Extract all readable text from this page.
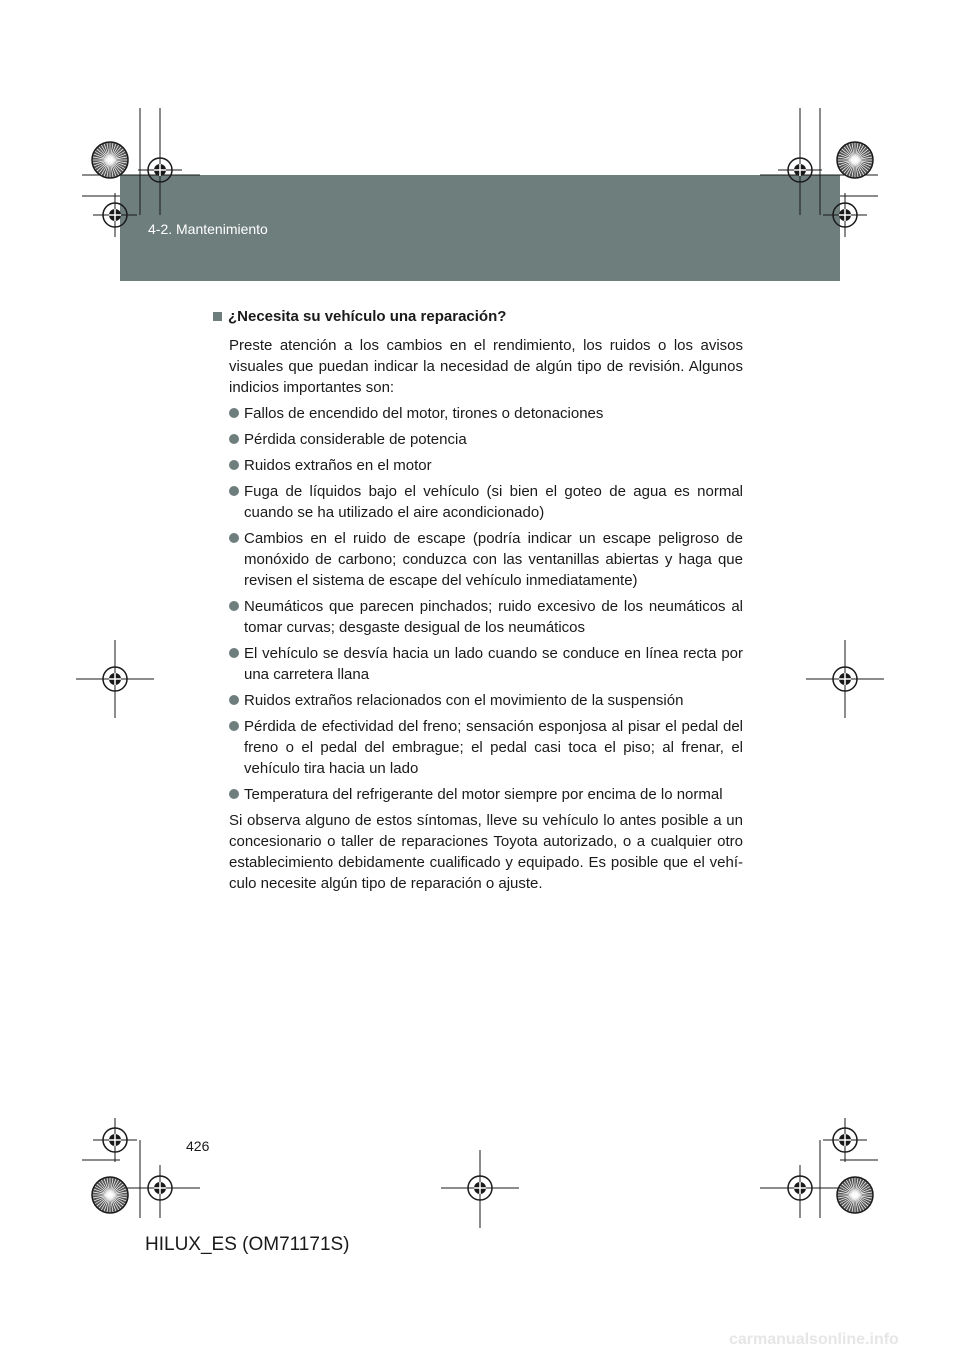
4-2. Mantenimiento
HILUX_ES.book Page 426 Wednesday, March 23, 2011 4:15 PM
¿Necesita su vehículo una reparación?
Preste atención a los cambios en el rendimiento, los ruidos o los avisos visuales que puedan indicar la necesidad de algún tipo de revisión. Algunos indicios importantes son:
Fallos de encendido del motor, tirones o detonaciones
Pérdida considerable de potencia
Ruidos extraños en el motor
Fuga de líquidos bajo el vehículo (si bien el goteo de agua es normal cuando se ha utilizado el aire acondicionado)
Cambios en el ruido de escape (podría indicar un escape peligroso de monóxido de carbono; conduzca con las ventanillas abiertas y haga que revisen el sistema de escape del vehículo inmediatamente)
Neumáticos que parecen pinchados; ruido excesivo de los neumáticos al tomar curvas; desgaste desigual de los neumáticos
El vehículo se desvía hacia un lado cuando se conduce en línea recta por una carretera llana
Ruidos extraños relacionados con el movimiento de la suspensión
Pérdida de efectividad del freno; sensación esponjosa al pisar el pedal del freno o el pedal del embrague; el pedal casi toca el piso; al frenar, el vehículo tira hacia un lado
Temperatura del refrigerante del motor siempre por encima de lo normal
Si observa alguno de estos síntomas, lleve su vehículo lo antes posible a un concesionario o taller de reparaciones Toyota autorizado, o a cualquier otro establecimiento debidamente cualificado y equipado. Es posible que el vehí-culo necesite algún tipo de reparación o ajuste.
426
HILUX_ES (OM71171S)
carmanualsonline.info
